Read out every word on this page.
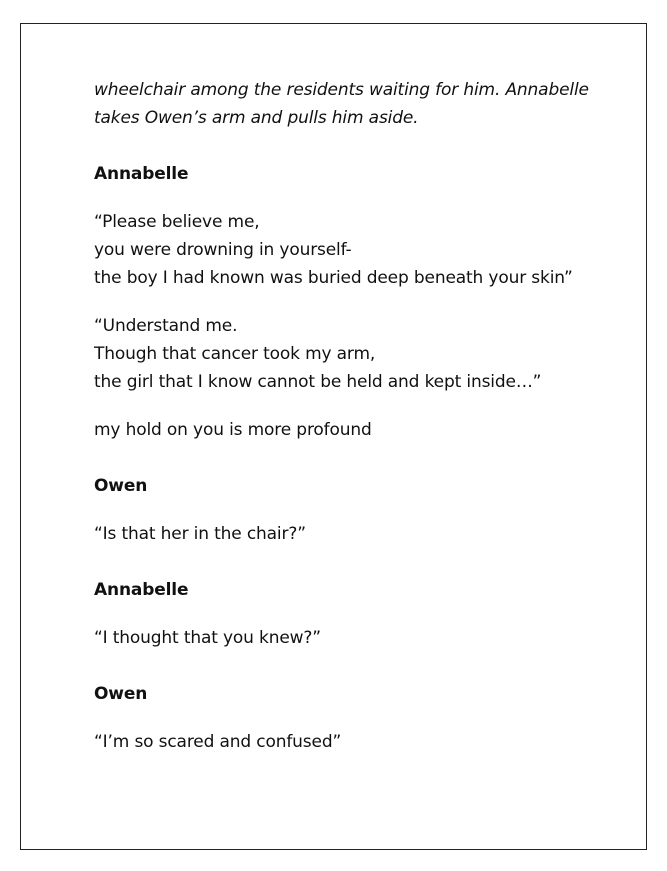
wheelchair among the residents waiting for him. Annabelle

takes Owen’s arm and pulls him aside.

Annabelle

“Please believe me,

you were drowning in yourself-

the boy I had known was buried deep beneath your skin”

“Understand me.

Though that cancer took my arm,

the girl that I know cannot be held and kept inside…”

my hold on you is more profound

Owen

“Is that her in the chair?”

Annabelle

“I thought that you knew?”

Owen

“I’m so scared and confused”
